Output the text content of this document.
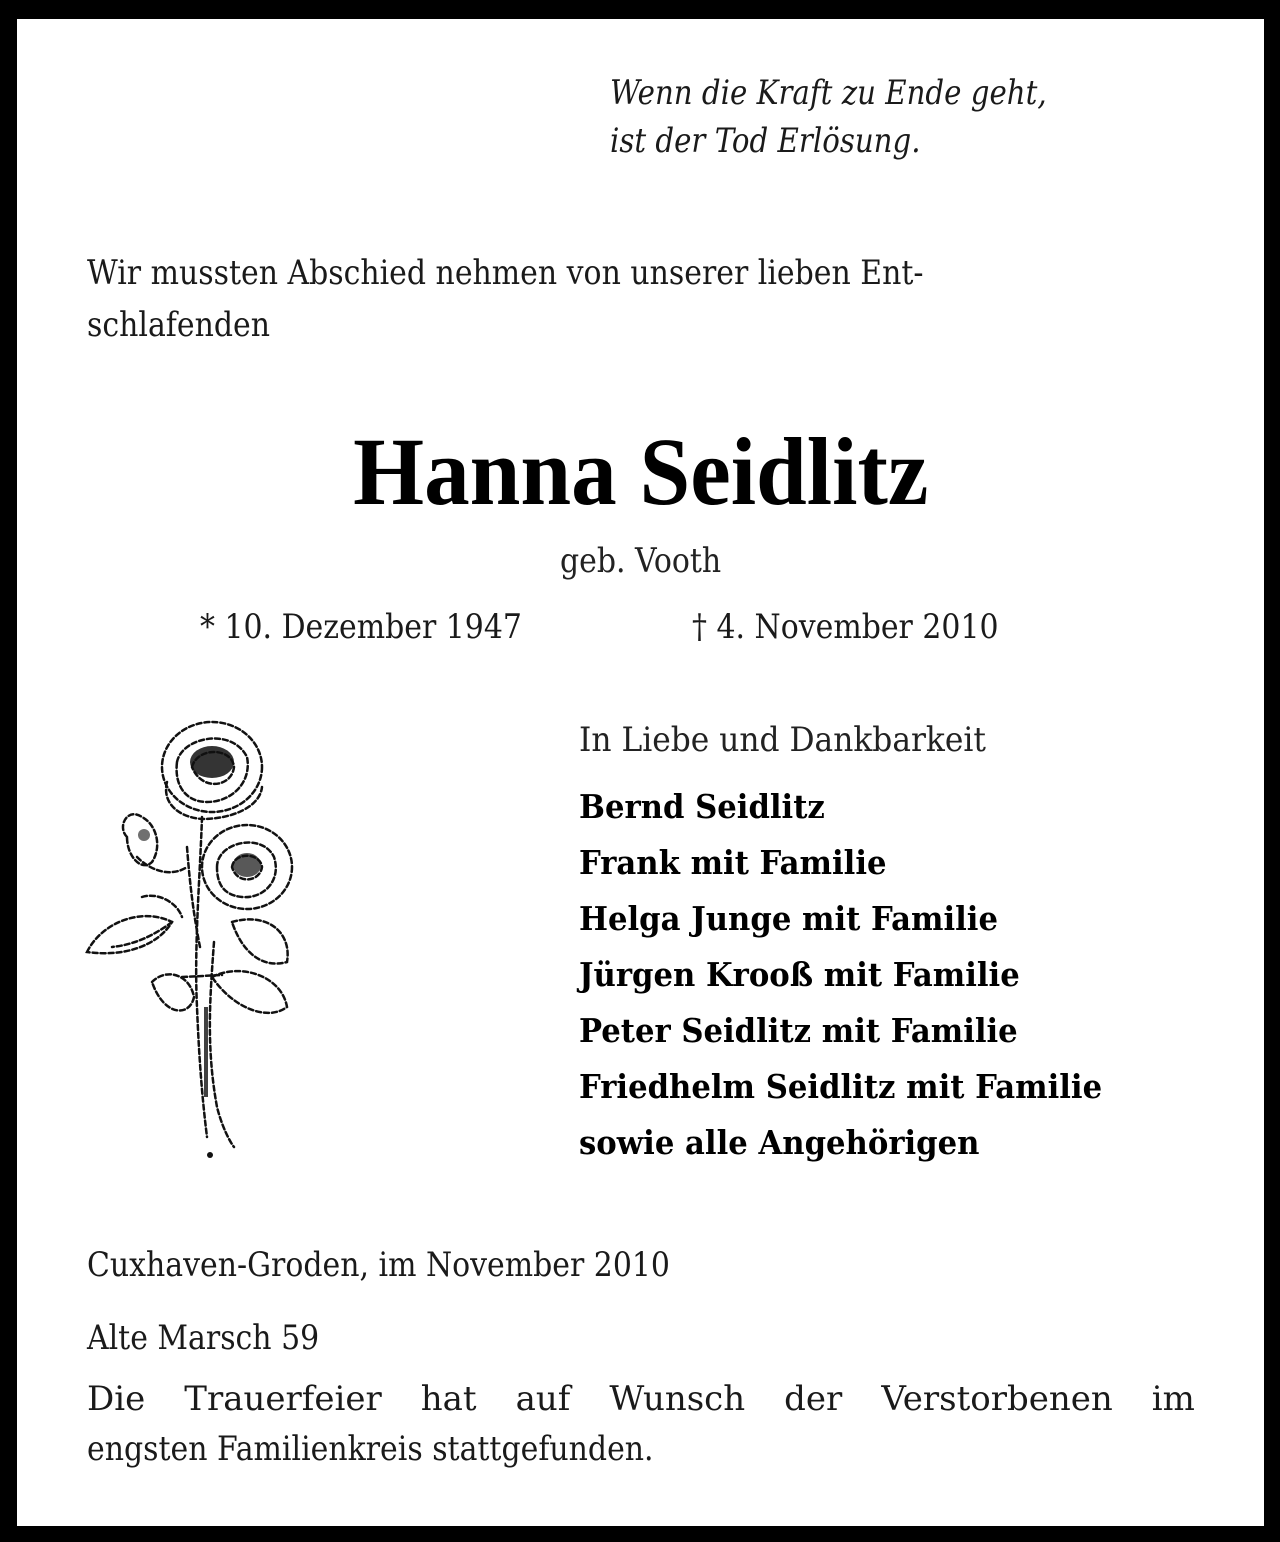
Wenn die Kraft zu Ende geht,
ist der Tod Erlösung.
Wir mussten Abschied nehmen von unserer lieben Ent-
schlafenden
Hanna Seidlitz
geb. Vooth
* 10. Dezember 1947	† 4. November 2010
In Liebe und Dankbarkeit
Bernd Seidlitz
Frank mit Familie
Helga Junge mit Familie
Jürgen Krooß mit Familie
Peter Seidlitz mit Familie
Friedhelm Seidlitz mit Familie
sowie alle Angehörigen
Cuxhaven-Groden, im November 2010
Alte Marsch 59
Die Trauerfeier hat auf Wunsch der Verstorbenen im
engsten Familienkreis stattgefunden.
